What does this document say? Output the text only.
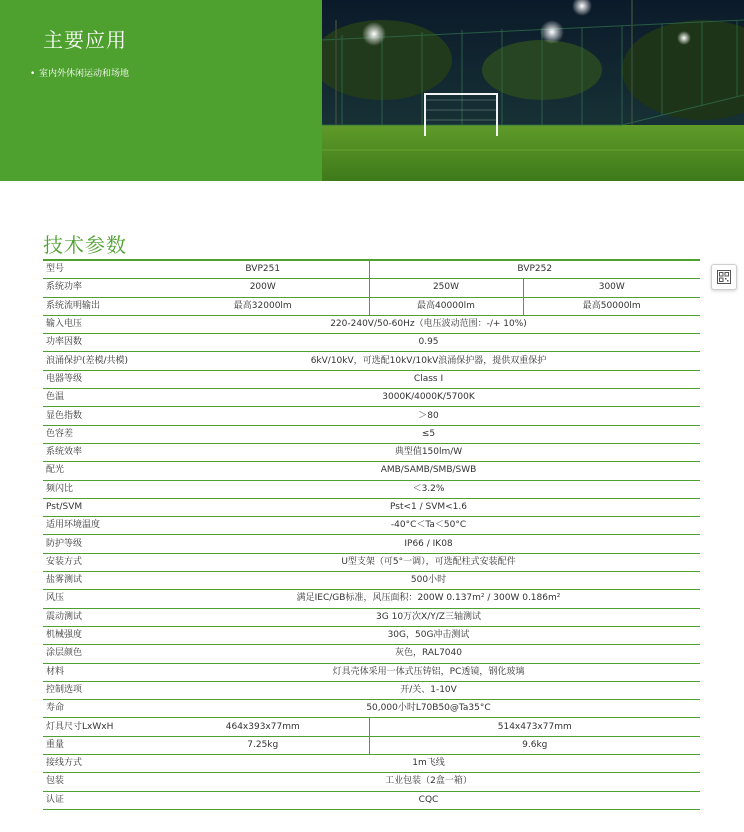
主要应用
• 室内外休闲运动和场地
技术参数
型号	BVP251	BVP252	
系统功率	200W	250W	300W
系统流明输出	最高32000lm	最高40000lm	最高50000lm
输入电压	220-240V/50-60Hz（电压波动范围：-/+ 10%)		
功率因数	0.95		
浪涌保护(差模/共模)	6kV/10kV，可选配10kV/10kV浪涌保护器，提供双重保护		
电器等级	Class I		
色温	3000K/4000K/5700K		
显色指数	＞80		
色容差	≤5		
系统效率	典型值150lm/W		
配光	AMB/SAMB/SMB/SWB		
频闪比	＜3.2%		
Pst/SVM	Pst<1 / SVM<1.6		
适用环境温度	-40°C＜Ta＜50°C		
防护等级	IP66 / IK08		
安装方式	U型支架（可5°一调），可选配柱式安装配件		
盐雾测试	500小时		
风压	满足IEC/GB标准，风压面积：200W 0.137m² / 300W 0.186m²		
震动测试	3G 10万次X/Y/Z三轴测试		
机械强度	30G，50G冲击测试		
涂层颜色	灰色，RAL7040		
材料	灯具壳体采用一体式压铸铝，PC透镜，钢化玻璃		
控制选项	开/关、1-10V		
寿命	50,000小时L70B50@Ta35°C		
灯具尺寸LxWxH	464x393x77mm	514x473x77mm	
重量	7.25kg	9.6kg	
接线方式	1m飞线		
包装	工业包装（2盒一箱）		
认证	CQC		
